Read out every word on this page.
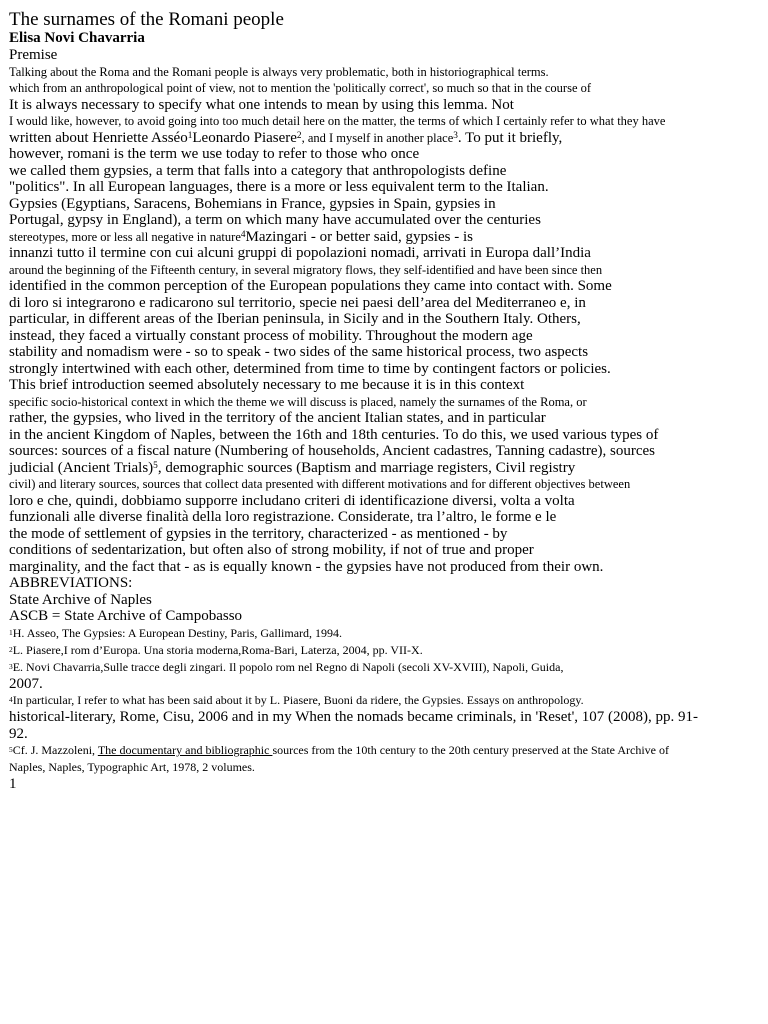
The surnames of the Romani people
Elisa Novi Chavarria
Premise
Talking about the Roma and the Romani people is always very problematic, both in historiographical terms.
which from an anthropological point of view, not to mention the 'politically correct', so much so that in the course of
It is always necessary to specify what one intends to mean by using this lemma. Not
I would like, however, to avoid going into too much detail here on the matter, the terms of which I certainly refer to what they have
written about Henriette Asséo$^1$Leonardo Piasere$^2$, and I myself in another place$^3$. To put it briefly,
however, romani is the term we use today to refer to those who once
we called them gypsies, a term that falls into a category that anthropologists define
"politics". In all European languages, there is a more or less equivalent term to the Italian.
Gypsies (Egyptians, Saracens, Bohemians in France, gypsies in Spain, gypsies in
Portugal, gypsy in England), a term on which many have accumulated over the centuries
stereotypes, more or less all negative in nature$^4$Mazingari - or better said, gypsies - is
innanzi tutto il termine con cui alcuni gruppi di popolazioni nomadi, arrivati in Europa dall’India
around the beginning of the Fifteenth century, in several migratory flows, they self-identified and have been since then
identified in the common perception of the European populations they came into contact with. Some
di loro si integrarono e radicarono sul territorio, specie nei paesi dell’area del Mediterraneo e, in
particular, in different areas of the Iberian peninsula, in Sicily and in the Southern Italy. Others,
instead, they faced a virtually constant process of mobility. Throughout the modern age
stability and nomadism were - so to speak - two sides of the same historical process, two aspects
strongly intertwined with each other, determined from time to time by contingent factors or policies.
This brief introduction seemed absolutely necessary to me because it is in this context
specific socio-historical context in which the theme we will discuss is placed, namely the surnames of the Roma, or
rather, the gypsies, who lived in the territory of the ancient Italian states, and in particular
in the ancient Kingdom of Naples, between the 16th and 18th centuries. To do this, we used various types of
sources: sources of a fiscal nature (Numbering of households, Ancient cadastres, Tanning cadastre), sources
judicial (Ancient Trials)$^5$, demographic sources (Baptism and marriage registers, Civil registry
civil) and literary sources, sources that collect data presented with different motivations and for different objectives between
loro e che, quindi, dobbiamo supporre includano criteri di identificazione diversi, volta a volta
funzionali alle diverse finalità della loro registrazione. Considerate, tra l’altro, le forme e le
the mode of settlement of gypsies in the territory, characterized - as mentioned - by
conditions of sedentarization, but often also of strong mobility, if not of true and proper
marginality, and the fact that - as is equally known - the gypsies have not produced from their own.
ABBREVIATIONS:
State Archive of Naples
ASCB = State Archive of Campobasso
$^1$H. Asseo, The Gypsies: A European Destiny, Paris, Gallimard, 1994.
$^2$L. Piasere,I rom d’Europa. Una storia moderna,Roma-Bari, Laterza, 2004, pp. VII-X.
$^3$E. Novi Chavarria,Sulle tracce degli zingari. Il popolo rom nel Regno di Napoli (secoli XV-XVIII), Napoli, Guida,
2007.
$^4$In particular, I refer to what has been said about it by L. Piasere, Buoni da ridere, the Gypsies. Essays on anthropology.
historical-literary, Rome, Cisu, 2006 and in my When the nomads became criminals, in 'Reset', 107 (2008), pp. 91-
92.
$^5$Cf. J. Mazzoleni, The documentary and bibliographic sources from the 10th century to the 20th century preserved at the State Archive of
Naples, Naples, Typographic Art, 1978, 2 volumes.
1
